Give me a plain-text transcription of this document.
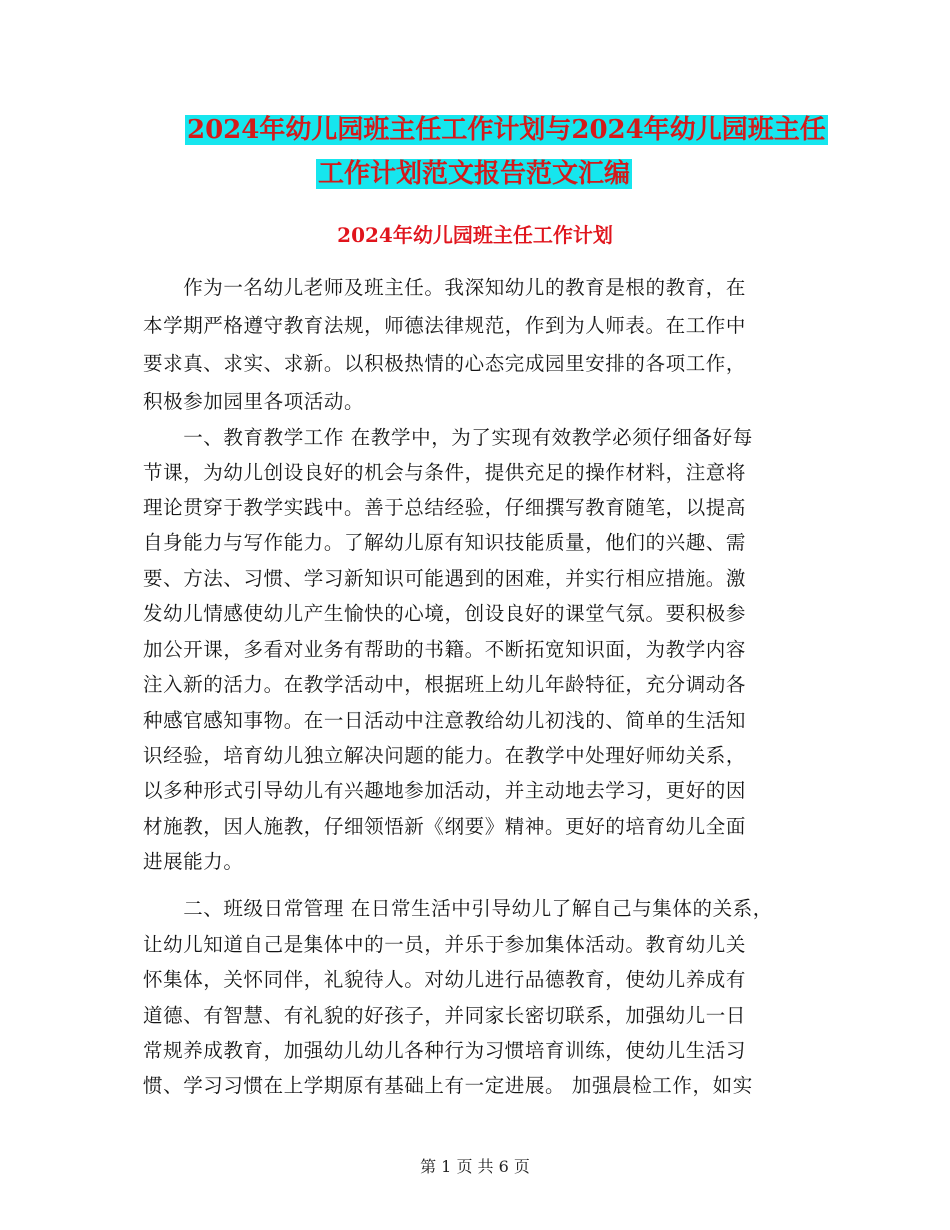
2024年幼儿园班主任工作计划与2024年幼儿园班主任
工作计划范文报告范文汇编
2024年幼儿园班主任工作计划
　　作为一名幼儿老师及班主任。我深知幼儿的教育是根的教育，在
本学期严格遵守教育法规，师德法律规范，作到为人师表。在工作中
要求真、求实、求新。以积极热情的心态完成园里安排的各项工作，
积极参加园里各项活动。
　　一、教育教学工作 在教学中，为了实现有效教学必须仔细备好每
节课，为幼儿创设良好的机会与条件，提供充足的操作材料，注意将
理论贯穿于教学实践中。善于总结经验，仔细撰写教育随笔，以提高
自身能力与写作能力。了解幼儿原有知识技能质量，他们的兴趣、需
要、方法、习惯、学习新知识可能遇到的困难，并实行相应措施。激
发幼儿情感使幼儿产生愉快的心境，创设良好的课堂气氛。要积极参
加公开课，多看对业务有帮助的书籍。不断拓宽知识面，为教学内容
注入新的活力。在教学活动中，根据班上幼儿年龄特征，充分调动各
种感官感知事物。在一日活动中注意教给幼儿初浅的、简单的生活知
识经验，培育幼儿独立解决问题的能力。在教学中处理好师幼关系，
以多种形式引导幼儿有兴趣地参加活动，并主动地去学习，更好的因
材施教，因人施教，仔细领悟新《纲要》精神。更好的培育幼儿全面
进展能力。
　　二、班级日常管理 在日常生活中引导幼儿了解自己与集体的关系，
让幼儿知道自己是集体中的一员，并乐于参加集体活动。教育幼儿关
怀集体，关怀同伴，礼貌待人。对幼儿进行品德教育，使幼儿养成有
道德、有智慧、有礼貌的好孩子，并同家长密切联系，加强幼儿一日
常规养成教育，加强幼儿幼儿各种行为习惯培育训练，使幼儿生活习
惯、学习习惯在上学期原有基础上有一定进展。 加强晨检工作，如实
第 1 页 共 6 页
